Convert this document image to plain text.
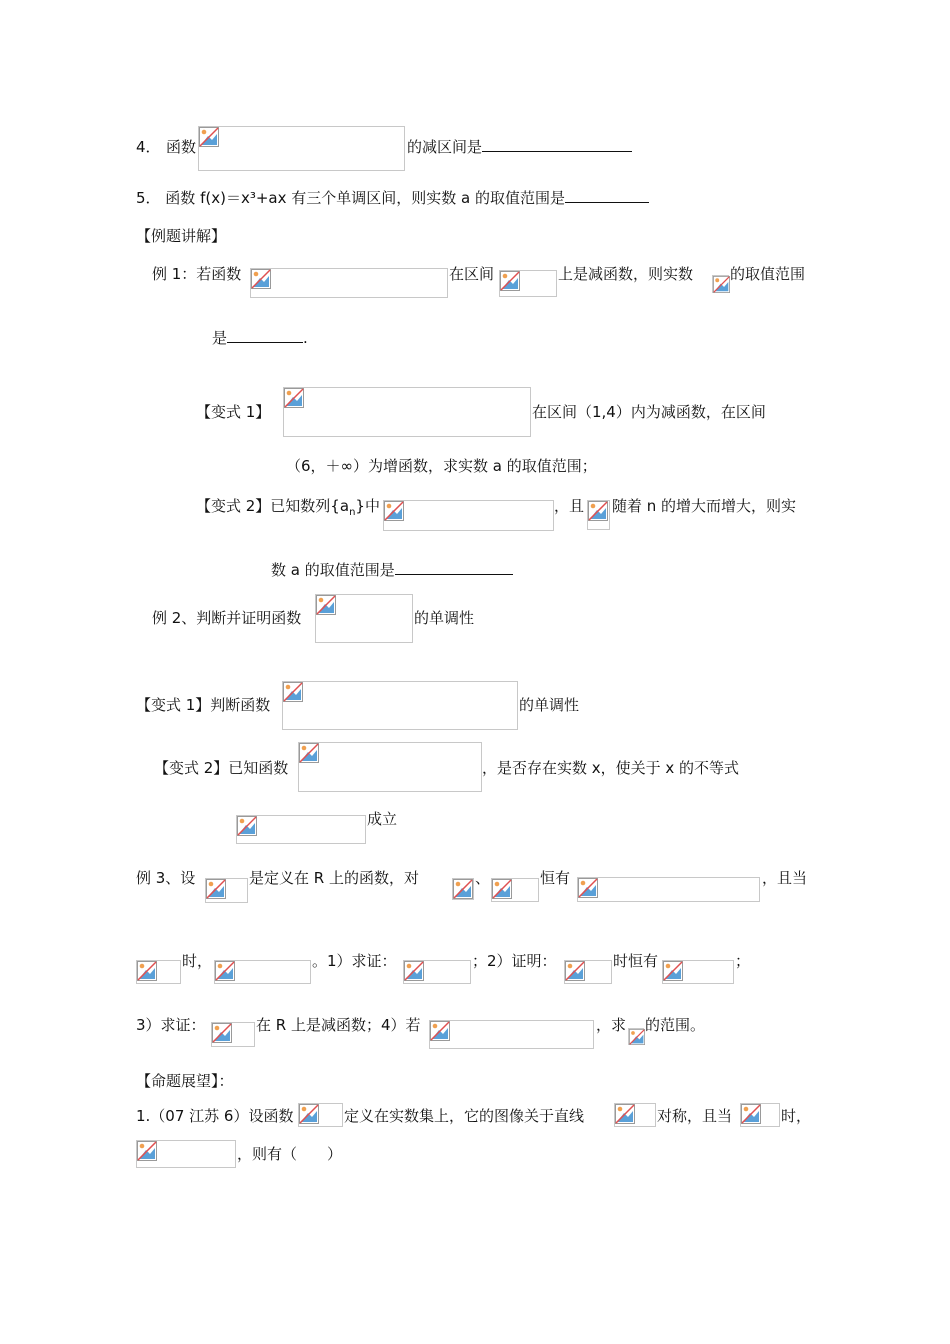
4． 函数	的减区间是
5． 函数 f(x)＝x³+ax 有三个单调区间，则实数 a 的取值范围是
【例题讲解】
例 1：若函数	在区间	上是减函数，则实数 的取值范围
是	.
【变式 1】	在区间（1,4）内为减函数，在区间
（6，＋∞）为增函数，求实数 a 的取值范围；
【变式 2】已知数列$\{a_n\}$中	，且 随着 n 的增大而增大，则实
数 a 的取值范围是
例 2、判断并证明函数	的单调性
【变式 1】判断函数	的单调性
【变式 2】已知函数	，是否存在实数 x，使关于 x 的不等式
成立
例 3、设	是定义在 R 上的函数，对	、	恒有	，且当
时，	。1）求证：	；2）证明：	时恒有	；
3）求证：	在 R 上是减函数；4）若	，求 的范围。
【命题展望】：
1.（07 江苏 6）设函数	定义在实数集上，它的图像关于直线	对称，且当	时，
，则有（　　）
